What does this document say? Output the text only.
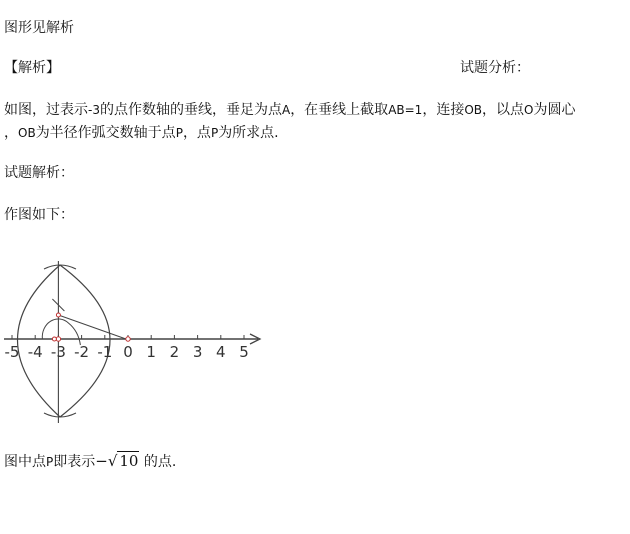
图形见解析
【解析】	试题分析：
如图，过表示-3的点作数轴的垂线，垂足为点A，在垂线上截取AB=1，连接OB，以点O为圆心
，OB为半径作弧交数轴于点P，点P为所求点.
试题解析：
作图如下：
-5 -4 -3 -2 -1 0 1 2 3 4 5
图中点P即表示−√ 10 的点.
